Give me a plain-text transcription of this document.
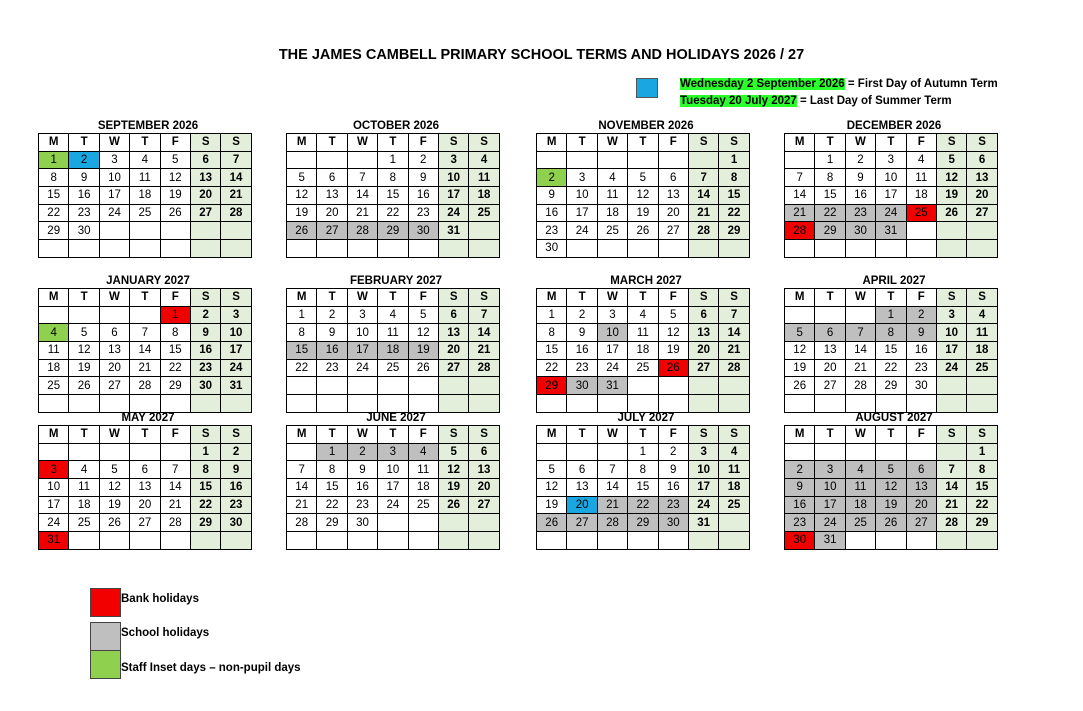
THE JAMES CAMBELL PRIMARY SCHOOL TERMS AND HOLIDAYS 2026 / 27
Wednesday 2 September 2026 = First Day of Autumn Term
Tuesday 20 July 2027 = Last Day of Summer Term
SEPTEMBER 2026
M	T	W	T	F	S	S
1	2	3	4	5	6	7
8	9	10	11	12	13	14
15	16	17	18	19	20	21
22	23	24	25	26	27	28
29	30					

OCTOBER 2026
M	T	W	T	F	S	S
			1	2	3	4
5	6	7	8	9	10	11
12	13	14	15	16	17	18
19	20	21	22	23	24	25
26	27	28	29	30	31	

NOVEMBER 2026
M	T	W	T	F	S	S
						1
2	3	4	5	6	7	8
9	10	11	12	13	14	15
16	17	18	19	20	21	22
23	24	25	26	27	28	29
30						
DECEMBER 2026
M	T	W	T	F	S	S
	1	2	3	4	5	6
7	8	9	10	11	12	13
14	15	16	17	18	19	20
21	22	23	24	25	26	27
28	29	30	31			

JANUARY 2027
M	T	W	T	F	S	S
				1	2	3
4	5	6	7	8	9	10
11	12	13	14	15	16	17
18	19	20	21	22	23	24
25	26	27	28	29	30	31

FEBRUARY 2027
M	T	W	T	F	S	S
1	2	3	4	5	6	7
8	9	10	11	12	13	14
15	16	17	18	19	20	21
22	23	24	25	26	27	28

MARCH 2027
M	T	W	T	F	S	S
1	2	3	4	5	6	7
8	9	10	11	12	13	14
15	16	17	18	19	20	21
22	23	24	25	26	27	28
29	30	31				

APRIL 2027
M	T	W	T	F	S	S
			1	2	3	4
5	6	7	8	9	10	11
12	13	14	15	16	17	18
19	20	21	22	23	24	25
26	27	28	29	30		

MAY 2027
M	T	W	T	F	S	S
					1	2
3	4	5	6	7	8	9
10	11	12	13	14	15	16
17	18	19	20	21	22	23
24	25	26	27	28	29	30
31						
JUNE 2027
M	T	W	T	F	S	S
	1	2	3	4	5	6
7	8	9	10	11	12	13
14	15	16	17	18	19	20
21	22	23	24	25	26	27
28	29	30				

JULY 2027
M	T	W	T	F	S	S
			1	2	3	4
5	6	7	8	9	10	11
12	13	14	15	16	17	18
19	20	21	22	23	24	25
26	27	28	29	30	31	

AUGUST 2027
M	T	W	T	F	S	S
						1
2	3	4	5	6	7	8
9	10	11	12	13	14	15
16	17	18	19	20	21	22
23	24	25	26	27	28	29
30	31					
Bank holidays
School holidays
Staff Inset days – non-pupil days
